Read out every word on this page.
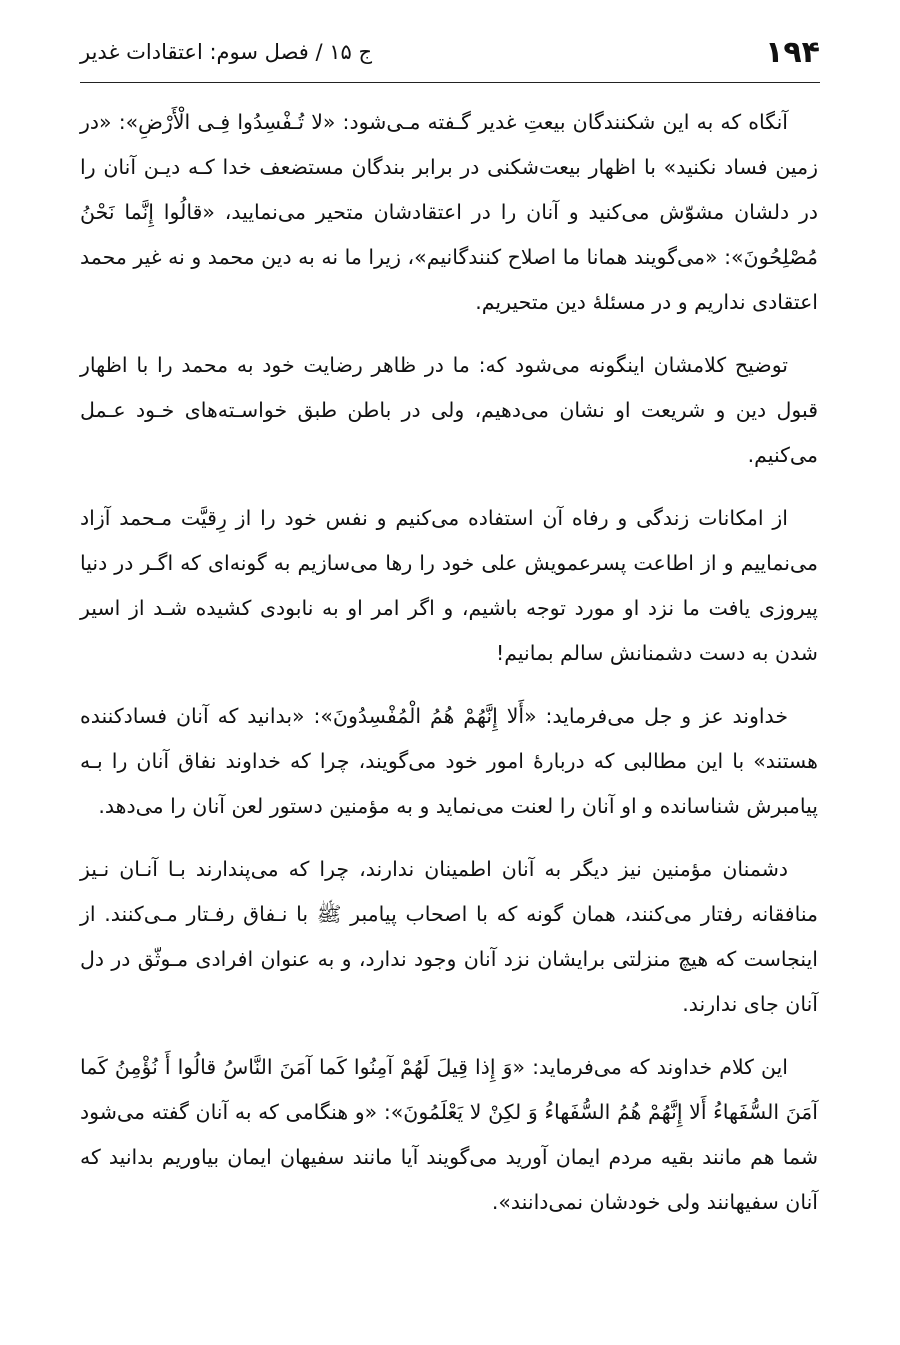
۱۹۴
ج ۱۵ / فصل سوم: اعتقادات غدیر

آنگاه که به این شکنندگان بیعتِ غدیر گـفته مـی‌شود: «لا تُـفْسِدُوا فِـی الْأَرْضِ»: «در زمین فساد نکنید» با اظهار بیعت‌شکنی در برابر بندگان مستضعف خدا کـه دیـن آنان را در دلشان مشوّش می‌کنید و آنان را در اعتقادشان متحیر می‌نمایید، «قالُوا إِنَّما نَحْنُ مُصْلِحُونَ»: «می‌گویند همانا ما اصلاح کنندگانیم»، زیرا ما نه به دین محمد و نه غیر محمد اعتقادی نداریم و در مسئلهٔ دین متحیریم.

توضیح کلامشان اینگونه می‌شود که: ما در ظاهر رضایت خود به محمد را با اظهار قبول دین و شریعت او نشان می‌دهیم، ولی در باطن طبق خواسـته‌های خـود عـمل می‌کنیم.

از امکانات زندگی و رفاه آن استفاده می‌کنیم و نفس خود را از رِقیَّت مـحمد آزاد می‌نماییم و از اطاعت پسرعمویش علی خود را رها می‌سازیم به گونه‌ای که اگـر در دنیا پیروزی یافت ما نزد او مورد توجه باشیم، و اگر امر او به نابودی کشیده شـد از اسیر شدن به دست دشمنانش سالم بمانیم!

خداوند عز و جل می‌فرماید: «أَلا إِنَّهُمْ هُمُ الْمُفْسِدُونَ»: «بدانید که آنان فسادکننده هستند» با این مطالبی که دربارهٔ امور خود می‌گویند، چرا که خداوند نفاق آنان را بـه پیامبرش شناسانده و او آنان را لعنت می‌نماید و به مؤمنین دستور لعن آنان را می‌دهد.

دشمنان مؤمنین نیز دیگر به آنان اطمینان ندارند، چرا که می‌پندارند بـا آنـان نـیز منافقانه رفتار می‌کنند، همان گونه که با اصحاب پیامبر ﷺ با نـفاق رفـتار مـی‌کنند. از اینجاست که هیچ منزلتی برایشان نزد آنان وجود ندارد، و به عنوان افرادی مـوثّق در دل آنان جای ندارند.

این کلام خداوند که می‌فرماید: «وَ إِذا قِیلَ لَهُمْ آمِنُوا کَما آمَنَ النَّاسُ قالُوا أَ نُؤْمِنُ کَما آمَنَ السُّفَهاءُ أَلا إِنَّهُمْ هُمُ السُّفَهاءُ وَ لکِنْ لا یَعْلَمُونَ»: «و هنگامی که به آنان گفته می‌شود شما هم مانند بقیه مردم ایمان آورید می‌گویند آیا مانند سفیهان ایمان بیاوریم بدانید که آنان سفیهانند ولی خودشان نمی‌دانند».
